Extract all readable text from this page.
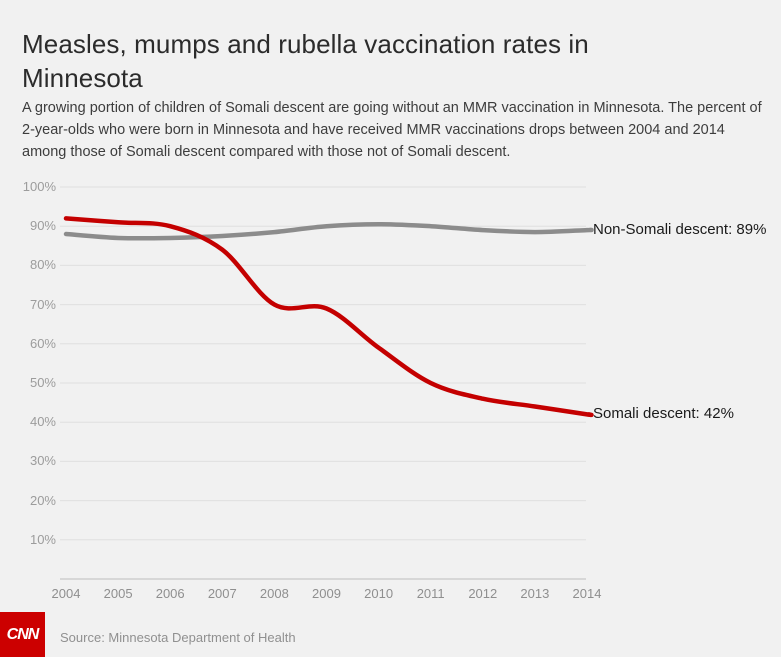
Measles, mumps and rubella vaccination rates in Minnesota
A growing portion of children of Somali descent are going without an MMR vaccination in Minnesota. The percent of 2-year-olds who were born in Minnesota and have received MMR vaccinations drops between 2004 and 2014 among those of Somali descent compared with those not of Somali descent.
100%
90%
80%
70%
60%
50%
40%
30%
20%
10%
2004	2005	2006	2007	2008	2009	2010	2011	2012	2013	2014
Non-Somali descent: 89%
Somali descent: 42%
CNN Source: Minnesota Department of Health
